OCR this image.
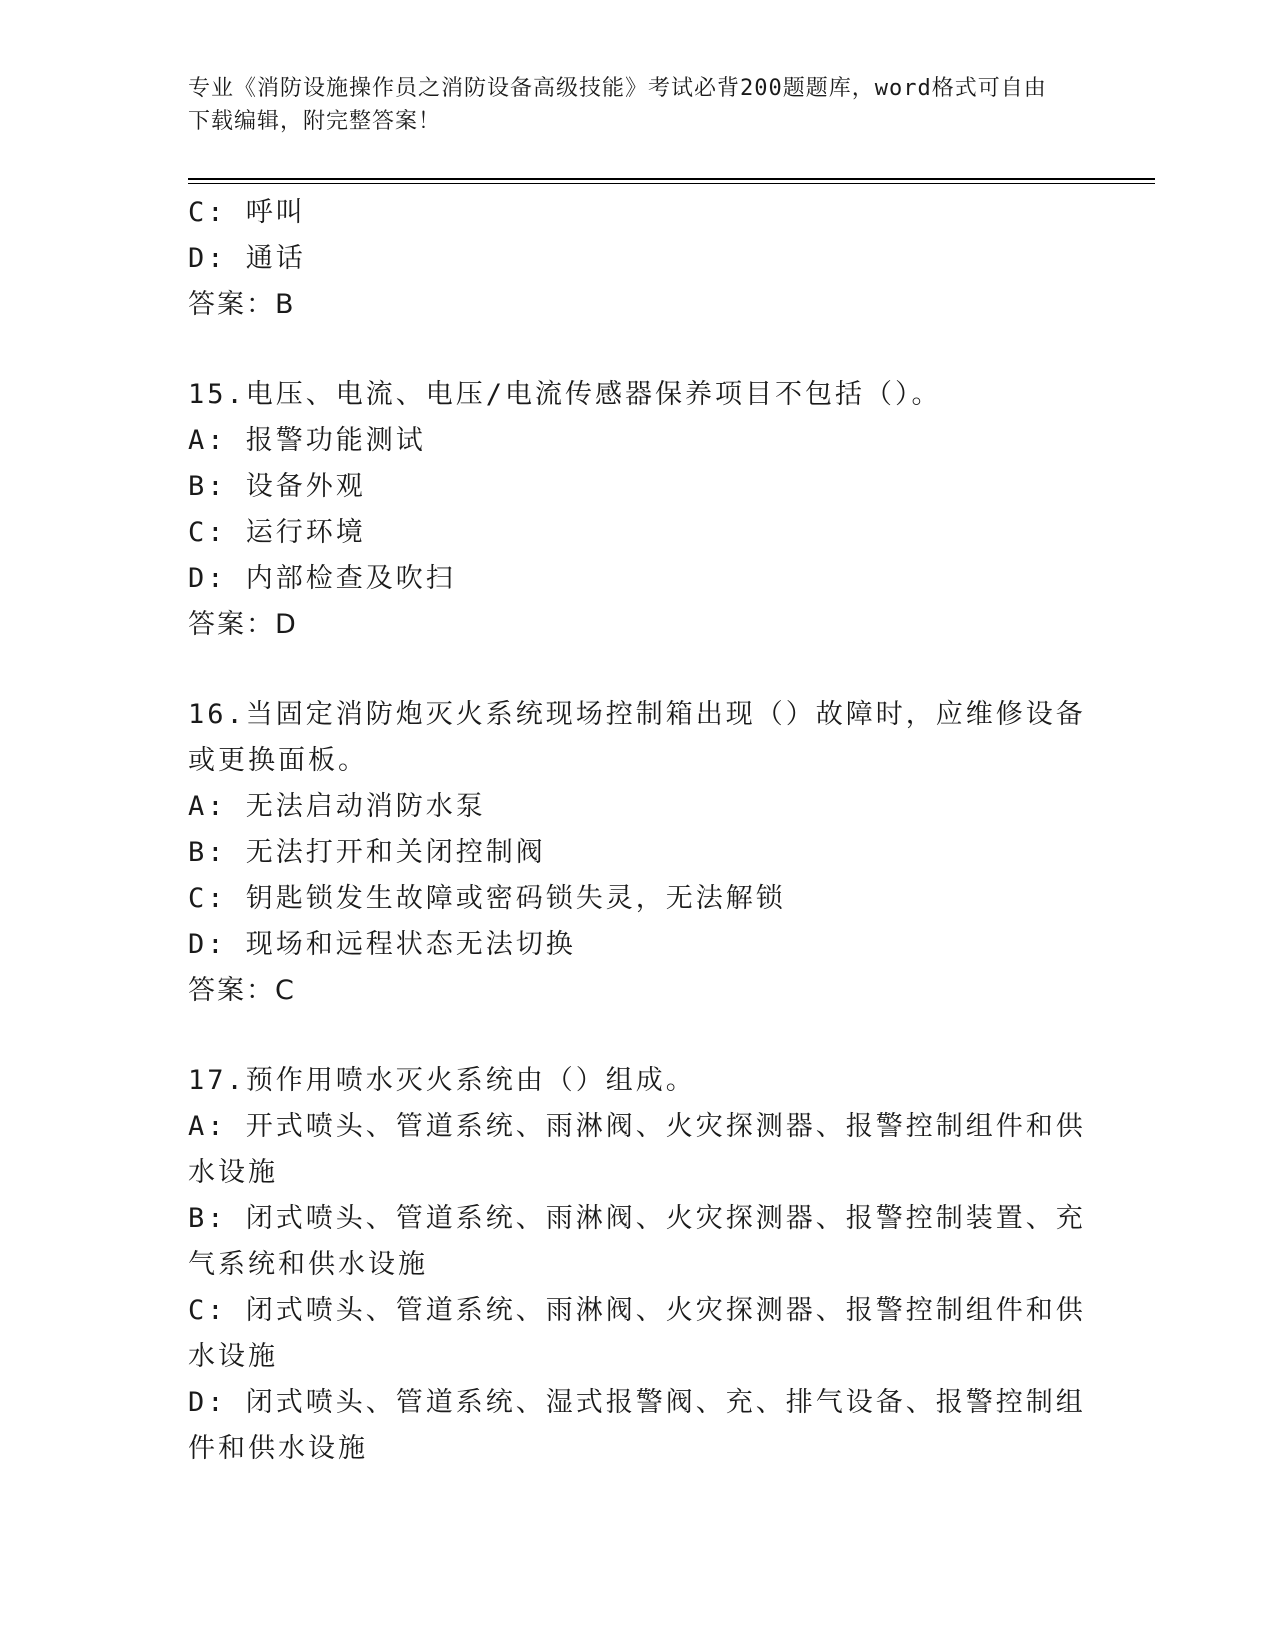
专业《消防设施操作员之消防设备高级技能》考试必背200题题库，word格式可自由下载编辑，附完整答案！
C:  呼叫
D:  通话
答案：B
15.电压、电流、电压/电流传感器保养项目不包括（）。
A:  报警功能测试
B:  设备外观
C:  运行环境
D:  内部检查及吹扫
答案：D
16.当固定消防炮灭火系统现场控制箱出现（）故障时，应维修设备或更换面板。
A:  无法启动消防水泵
B:  无法打开和关闭控制阀
C:  钥匙锁发生故障或密码锁失灵，无法解锁
D:  现场和远程状态无法切换
答案：C
17.预作用喷水灭火系统由（）组成。
A:  开式喷头、管道系统、雨淋阀、火灾探测器、报警控制组件和供水设施
B:  闭式喷头、管道系统、雨淋阀、火灾探测器、报警控制装置、充气系统和供水设施
C:  闭式喷头、管道系统、雨淋阀、火灾探测器、报警控制组件和供水设施
D:  闭式喷头、管道系统、湿式报警阀、充、排气设备、报警控制组件和供水设施
